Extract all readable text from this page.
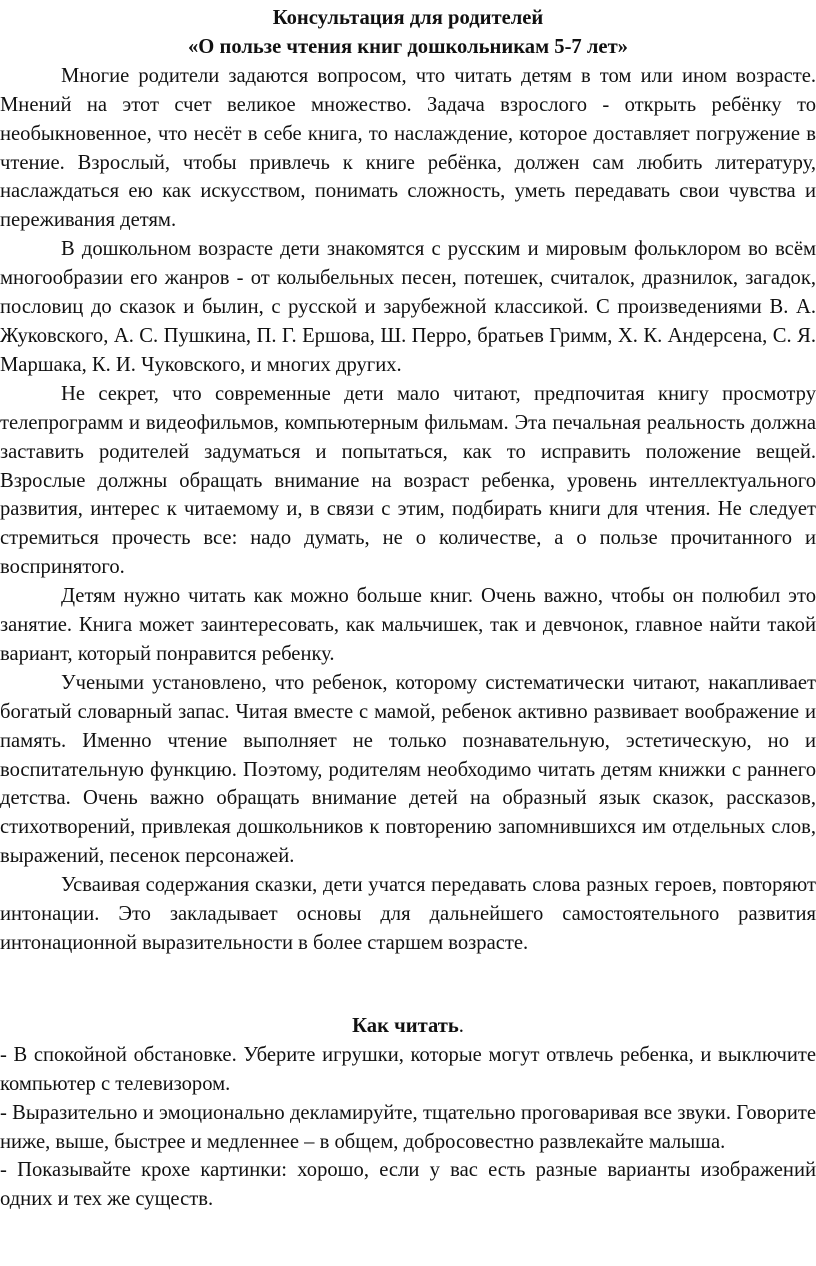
Консультация для родителей

«О пользе чтения книг дошкольникам 5-7 лет»

Многие родители задаются вопросом, что читать детям в том или ином возрасте. Мнений на этот счет великое множество. Задача взрослого - открыть ребёнку то необыкновенное, что несёт в себе книга, то наслаждение, которое доставляет погружение в чтение. Взрослый, чтобы привлечь к книге ребёнка, должен сам любить литературу, наслаждаться ею как искусством, понимать сложность, уметь передавать свои чувства и переживания детям.

В дошкольном возрасте дети знакомятся с русским и мировым фольклором во всём многообразии его жанров - от колыбельных песен, потешек, считалок, дразнилок, загадок, пословиц до сказок и былин, с русской и зарубежной классикой. С произведениями В. А. Жуковского, А. С. Пушкина, П. Г. Ершова, Ш. Перро, братьев Гримм, Х. К. Андерсена, С. Я. Маршака, К. И. Чуковского, и многих других.

Не секрет, что современные дети мало читают, предпочитая книгу просмотру телепрограмм и видеофильмов, компьютерным фильмам. Эта печальная реальность должна заставить родителей задуматься и попытаться, как то исправить положение вещей. Взрослые должны обращать внимание на возраст ребенка, уровень интеллектуального развития, интерес к читаемому и, в связи с этим, подбирать книги для чтения. Не следует стремиться прочесть все: надо думать, не о количестве, а о пользе прочитанного и воспринятого.

Детям нужно читать как можно больше книг. Очень важно, чтобы он полюбил это занятие. Книга может заинтересовать, как мальчишек, так и девчонок, главное найти такой вариант, который понравится ребенку.

Учеными установлено, что ребенок, которому систематически читают, накапливает богатый словарный запас. Читая вместе с мамой, ребенок активно развивает воображение и память. Именно чтение выполняет не только познавательную, эстетическую, но и воспитательную функцию. Поэтому, родителям необходимо читать детям книжки с раннего детства. Очень важно обращать внимание детей на образный язык сказок, рассказов, стихотворений, привлекая дошкольников к повторению запомнившихся им отдельных слов, выражений, песенок персонажей.

Усваивая содержания сказки, дети учатся передавать слова разных героев, повторяют интонации. Это закладывает основы для дальнейшего самостоятельного развития интонационной выразительности в более старшем возрасте.

Как читать.

- В спокойной обстановке. Уберите игрушки, которые могут отвлечь ребенка, и выключите компьютер с телевизором.

- Выразительно и эмоционально декламируйте, тщательно проговаривая все звуки. Говорите ниже, выше, быстрее и медленнее – в общем, добросовестно развлекайте малыша.

- Показывайте крохе картинки: хорошо, если у вас есть разные варианты изображений одних и тех же существ.
